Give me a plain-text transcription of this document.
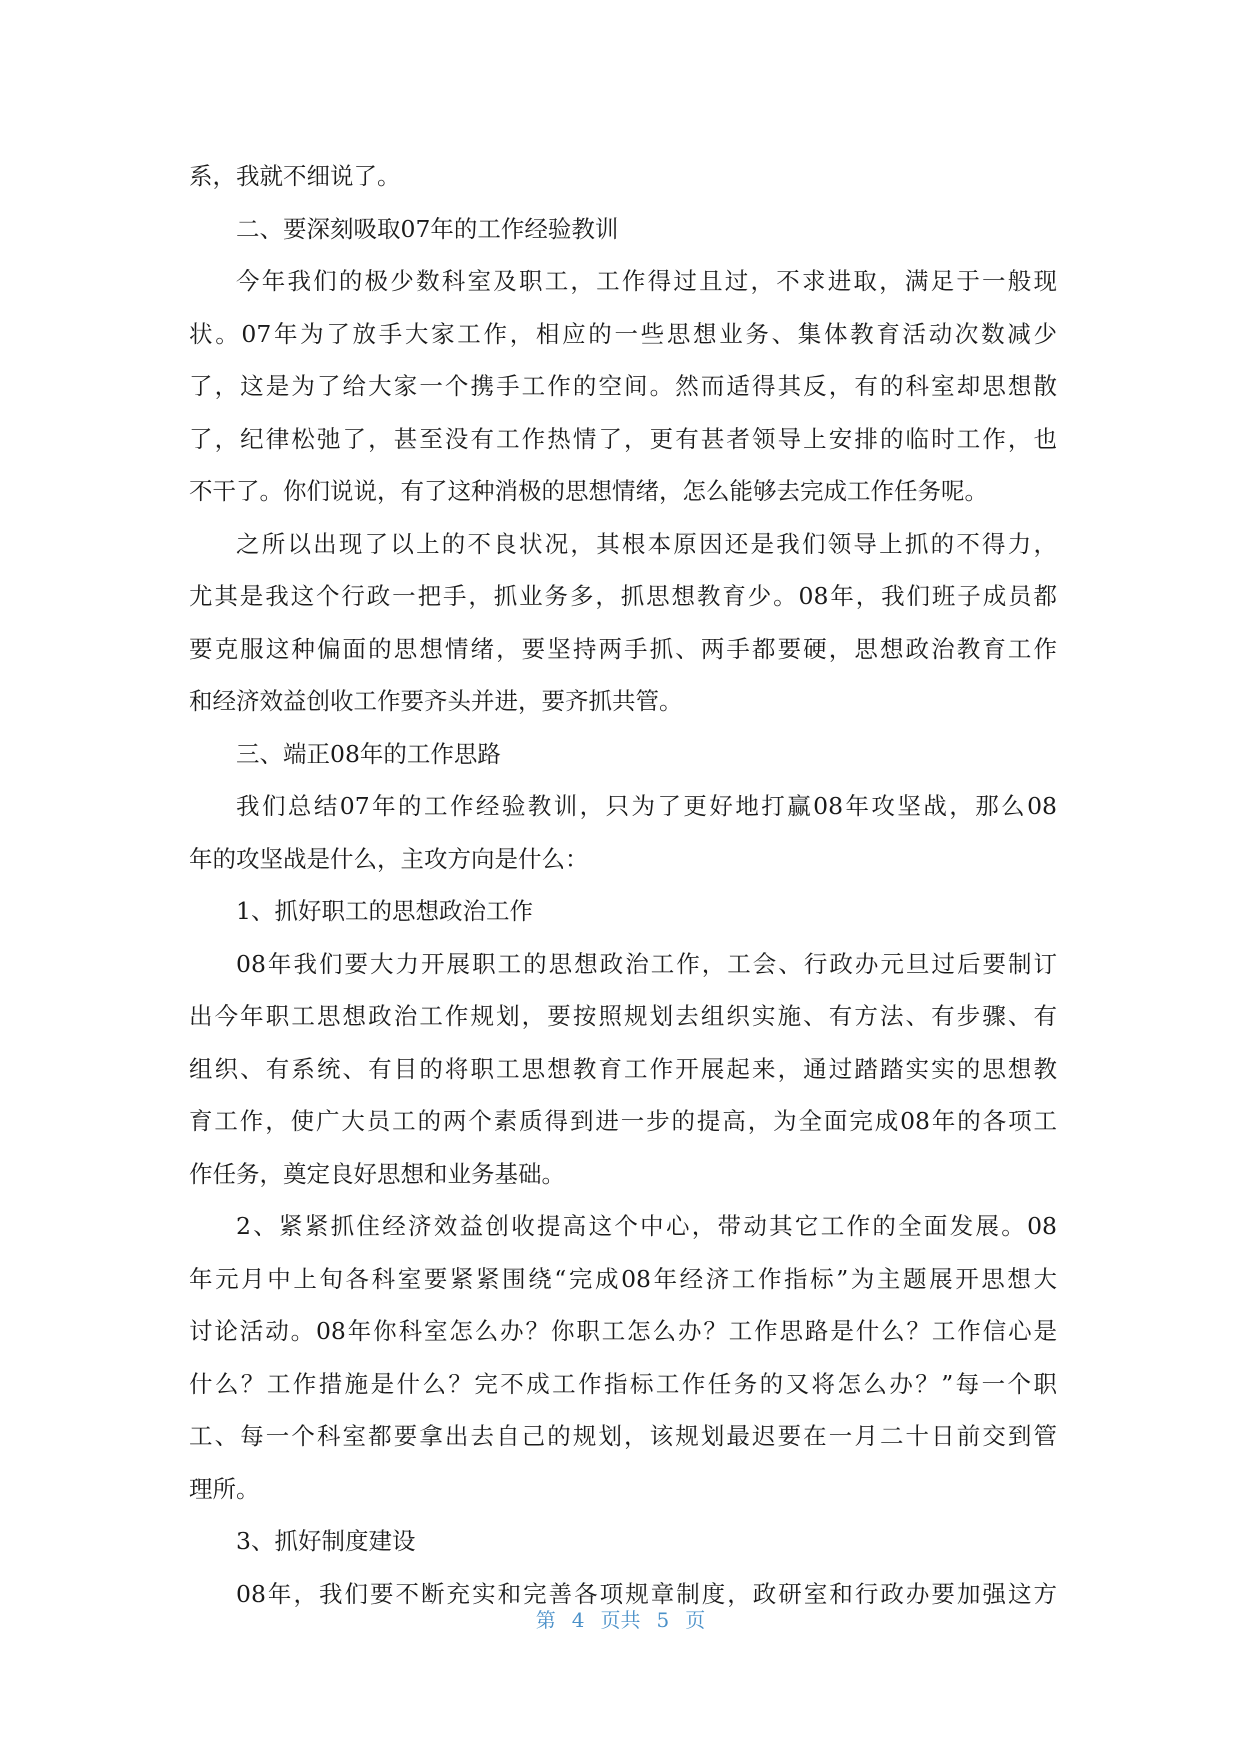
系，我就不细说了。
二、要深刻吸取07年的工作经验教训
今年我们的极少数科室及职工，工作得过且过，不求进取，满足于一般现
状。07年为了放手大家工作，相应的一些思想业务、集体教育活动次数减少
了，这是为了给大家一个携手工作的空间。然而适得其反，有的科室却思想散
了，纪律松弛了，甚至没有工作热情了，更有甚者领导上安排的临时工作，也
不干了。你们说说，有了这种消极的思想情绪，怎么能够去完成工作任务呢。
之所以出现了以上的不良状况，其根本原因还是我们领导上抓的不得力，
尤其是我这个行政一把手，抓业务多，抓思想教育少。08年，我们班子成员都
要克服这种偏面的思想情绪，要坚持两手抓、两手都要硬，思想政治教育工作
和经济效益创收工作要齐头并进，要齐抓共管。
三、端正08年的工作思路
我们总结07年的工作经验教训，只为了更好地打赢08年攻坚战，那么08
年的攻坚战是什么，主攻方向是什么：
1、抓好职工的思想政治工作
08年我们要大力开展职工的思想政治工作，工会、行政办元旦过后要制订
出今年职工思想政治工作规划，要按照规划去组织实施、有方法、有步骤、有
组织、有系统、有目的将职工思想教育工作开展起来，通过踏踏实实的思想教
育工作，使广大员工的两个素质得到进一步的提高，为全面完成08年的各项工
作任务，奠定良好思想和业务基础。
2、紧紧抓住经济效益创收提高这个中心，带动其它工作的全面发展。08
年元月中上旬各科室要紧紧围绕“完成08年经济工作指标”为主题展开思想大
讨论活动。08年你科室怎么办？你职工怎么办？工作思路是什么？工作信心是
什么？工作措施是什么？完不成工作指标工作任务的又将怎么办？”每一个职
工、每一个科室都要拿出去自己的规划，该规划最迟要在一月二十日前交到管
理所。
3、抓好制度建设
08年，我们要不断充实和完善各项规章制度，政研室和行政办要加强这方
第 4 页共 5 页
